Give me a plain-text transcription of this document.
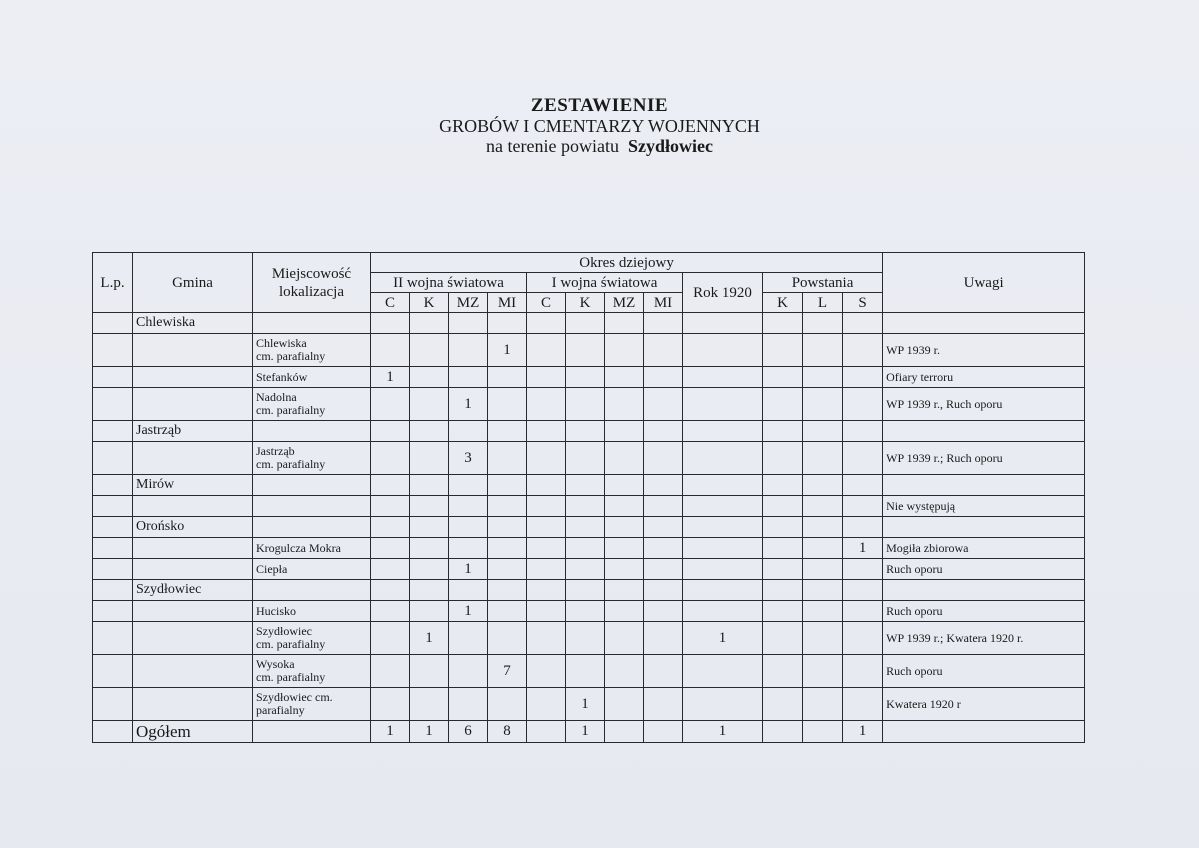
ZESTAWIENIE
GROBÓW I CMENTARZY WOJENNYCH
na terenie powiatu Szydłowiec
L.p.	Gmina	Miejscowość lokalizacja	Okres dziejowy												Uwagi
			II wojna światowa				I wojna światowa				Rok 1920	Powstania			
			C	K	MZ	MI	C	K	MZ	MI		K	L	S	
	Chlewiska														

		Chlewiska
cm. parafialny				1									WP 1939 r.

		Stefanków	1												Ofiary terroru

		Nadolna
cm. parafialny			1										WP 1939 r., Ruch oporu
	Jastrząb														

		Jastrząb
cm. parafialny			3										WP 1939 r.; Ruch oporu
	Mirów														

													Nie występują
	Orońsko														

		Krogulcza Mokra												1	Mogiła zbiorowa

		Ciepła			1										Ruch oporu
	Szydłowiec														

		Hucisko			1										Ruch oporu

		Szydłowiec
cm. parafialny		1							1				WP 1939 r.; Kwatera 1920 r.

		Wysoka
cm. parafialny				7									Ruch oporu

		Szydłowiec cm.
parafialny						1							Kwatera 1920 r
	Ogółem		1	1	6	8		1			1			1	
